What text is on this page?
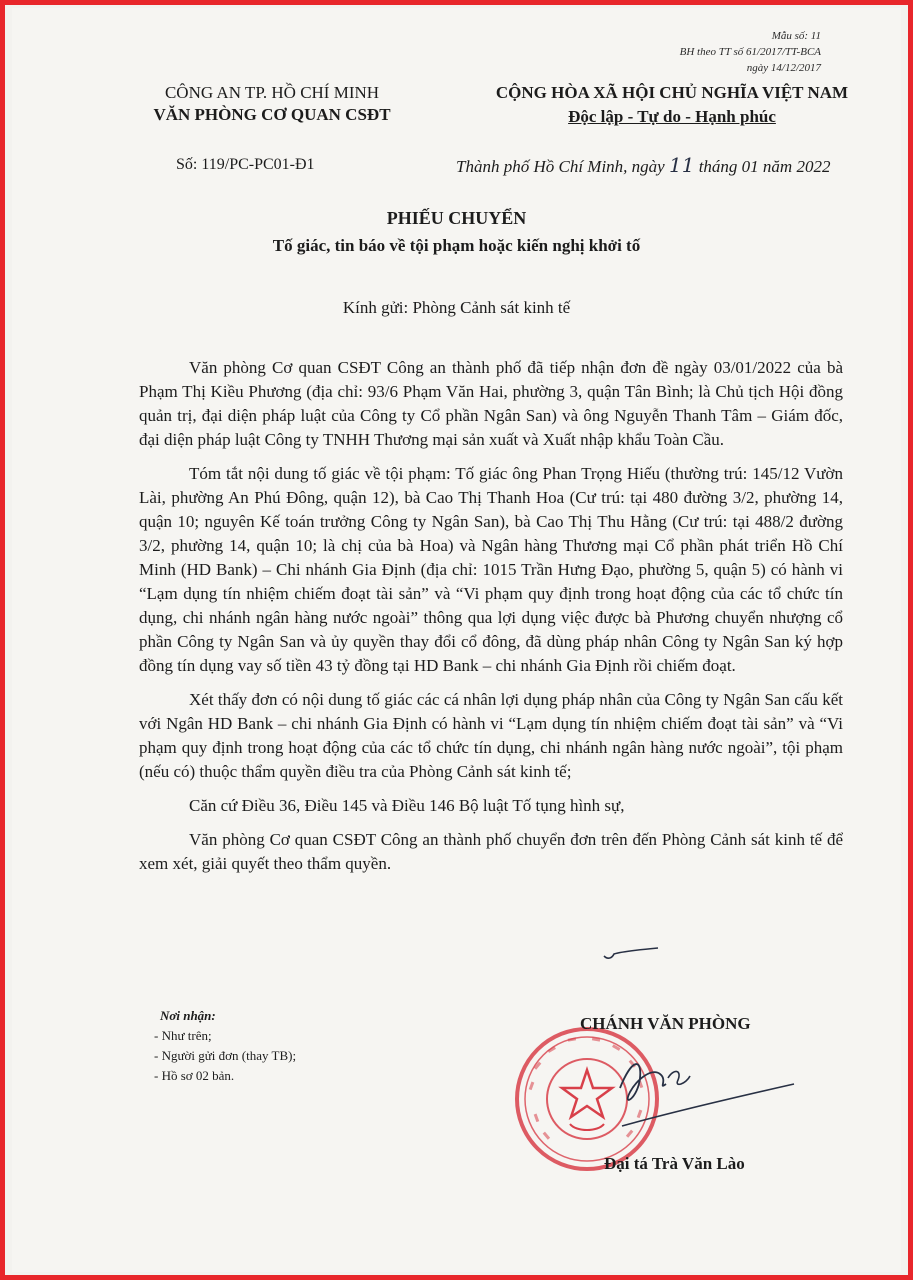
Mẫu số: 11
BH theo TT số 61/2017/TT-BCA
ngày 14/12/2017
CÔNG AN TP. HỒ CHÍ MINH
VĂN PHÒNG CƠ QUAN CSĐT
CỘNG HÒA XÃ HỘI CHỦ NGHĨA VIỆT NAM
Độc lập - Tự do - Hạnh phúc
Số: 119/PC-PC01-Đ1	Thành phố Hồ Chí Minh, ngày 11 tháng 01 năm 2022
PHIẾU CHUYỂN
Tố giác, tin báo về tội phạm hoặc kiến nghị khởi tố
Kính gửi: Phòng Cảnh sát kinh tế

Văn phòng Cơ quan CSĐT Công an thành phố đã tiếp nhận đơn đề ngày 03/01/2022 của bà Phạm Thị Kiều Phương (địa chỉ: 93/6 Phạm Văn Hai, phường 3, quận Tân Bình; là Chủ tịch Hội đồng quản trị, đại diện pháp luật của Công ty Cổ phần Ngân San) và ông Nguyễn Thanh Tâm – Giám đốc, đại diện pháp luật Công ty TNHH Thương mại sản xuất và Xuất nhập khẩu Toàn Cầu.

Tóm tắt nội dung tố giác về tội phạm: Tố giác ông Phan Trọng Hiếu (thường trú: 145/12 Vườn Lài, phường An Phú Đông, quận 12), bà Cao Thị Thanh Hoa (Cư trú: tại 480 đường 3/2, phường 14, quận 10; nguyên Kế toán trưởng Công ty Ngân San), bà Cao Thị Thu Hằng (Cư trú: tại 488/2 đường 3/2, phường 14, quận 10; là chị của bà Hoa) và Ngân hàng Thương mại Cổ phần phát triển Hồ Chí Minh (HD Bank) – Chi nhánh Gia Định (địa chỉ: 1015 Trần Hưng Đạo, phường 5, quận 5) có hành vi “Lạm dụng tín nhiệm chiếm đoạt tài sản” và “Vi phạm quy định trong hoạt động của các tổ chức tín dụng, chi nhánh ngân hàng nước ngoài” thông qua lợi dụng việc được bà Phương chuyển nhượng cổ phần Công ty Ngân San và ủy quyền thay đổi cổ đông, đã dùng pháp nhân Công ty Ngân San ký hợp đồng tín dụng vay số tiền 43 tỷ đồng tại HD Bank – chi nhánh Gia Định rồi chiếm đoạt.

Xét thấy đơn có nội dung tố giác các cá nhân lợi dụng pháp nhân của Công ty Ngân San cấu kết với Ngân HD Bank – chi nhánh Gia Định có hành vi “Lạm dụng tín nhiệm chiếm đoạt tài sản” và “Vi phạm quy định trong hoạt động của các tổ chức tín dụng, chi nhánh ngân hàng nước ngoài”, tội phạm (nếu có) thuộc thẩm quyền điều tra của Phòng Cảnh sát kinh tế;

Căn cứ Điều 36, Điều 145 và Điều 146 Bộ luật Tố tụng hình sự,

Văn phòng Cơ quan CSĐT Công an thành phố chuyển đơn trên đến Phòng Cảnh sát kinh tế để xem xét, giải quyết theo thẩm quyền.

Nơi nhận:
- Như trên;
- Người gửi đơn (thay TB);
- Hồ sơ 02 bản.
CHÁNH VĂN PHÒNG
Đại tá Trà Văn Lào
